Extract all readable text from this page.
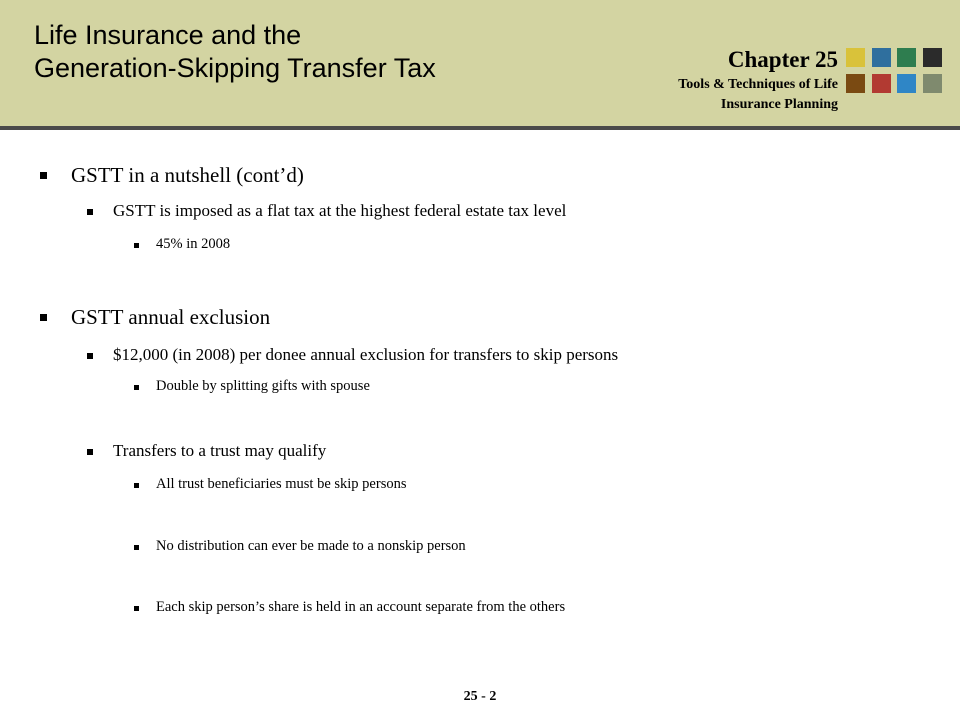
Life Insurance and the
Generation-Skipping Transfer Tax	Chapter 25
Tools & Techniques of Life
Insurance Planning
GSTT in a nutshell (cont’d)
GSTT is imposed as a flat tax at the highest federal estate tax level
45% in 2008
GSTT annual exclusion
$12,000 (in 2008) per donee annual exclusion for transfers to skip persons
Double by splitting gifts with spouse
Transfers to a trust may qualify
All trust beneficiaries must be skip persons
No distribution can ever be made to a nonskip person
Each skip person’s share is held in an account separate from the others
25 - 2
